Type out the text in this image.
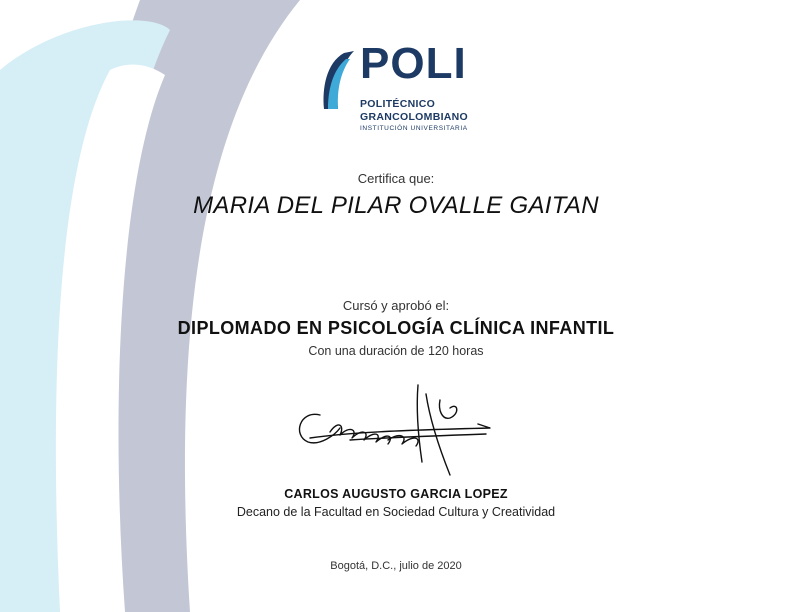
POLI
POLITÉCNICO
GRANCOLOMBIANO
INSTITUCIÓN UNIVERSITARIA
Certifica que:
MARIA DEL PILAR OVALLE GAITAN
Cursó y aprobó el:
DIPLOMADO EN PSICOLOGÍA CLÍNICA INFANTIL
Con una duración de 120 horas
CARLOS AUGUSTO GARCIA LOPEZ
Decano de la Facultad en Sociedad Cultura y Creatividad
Bogotá, D.C., julio de 2020
